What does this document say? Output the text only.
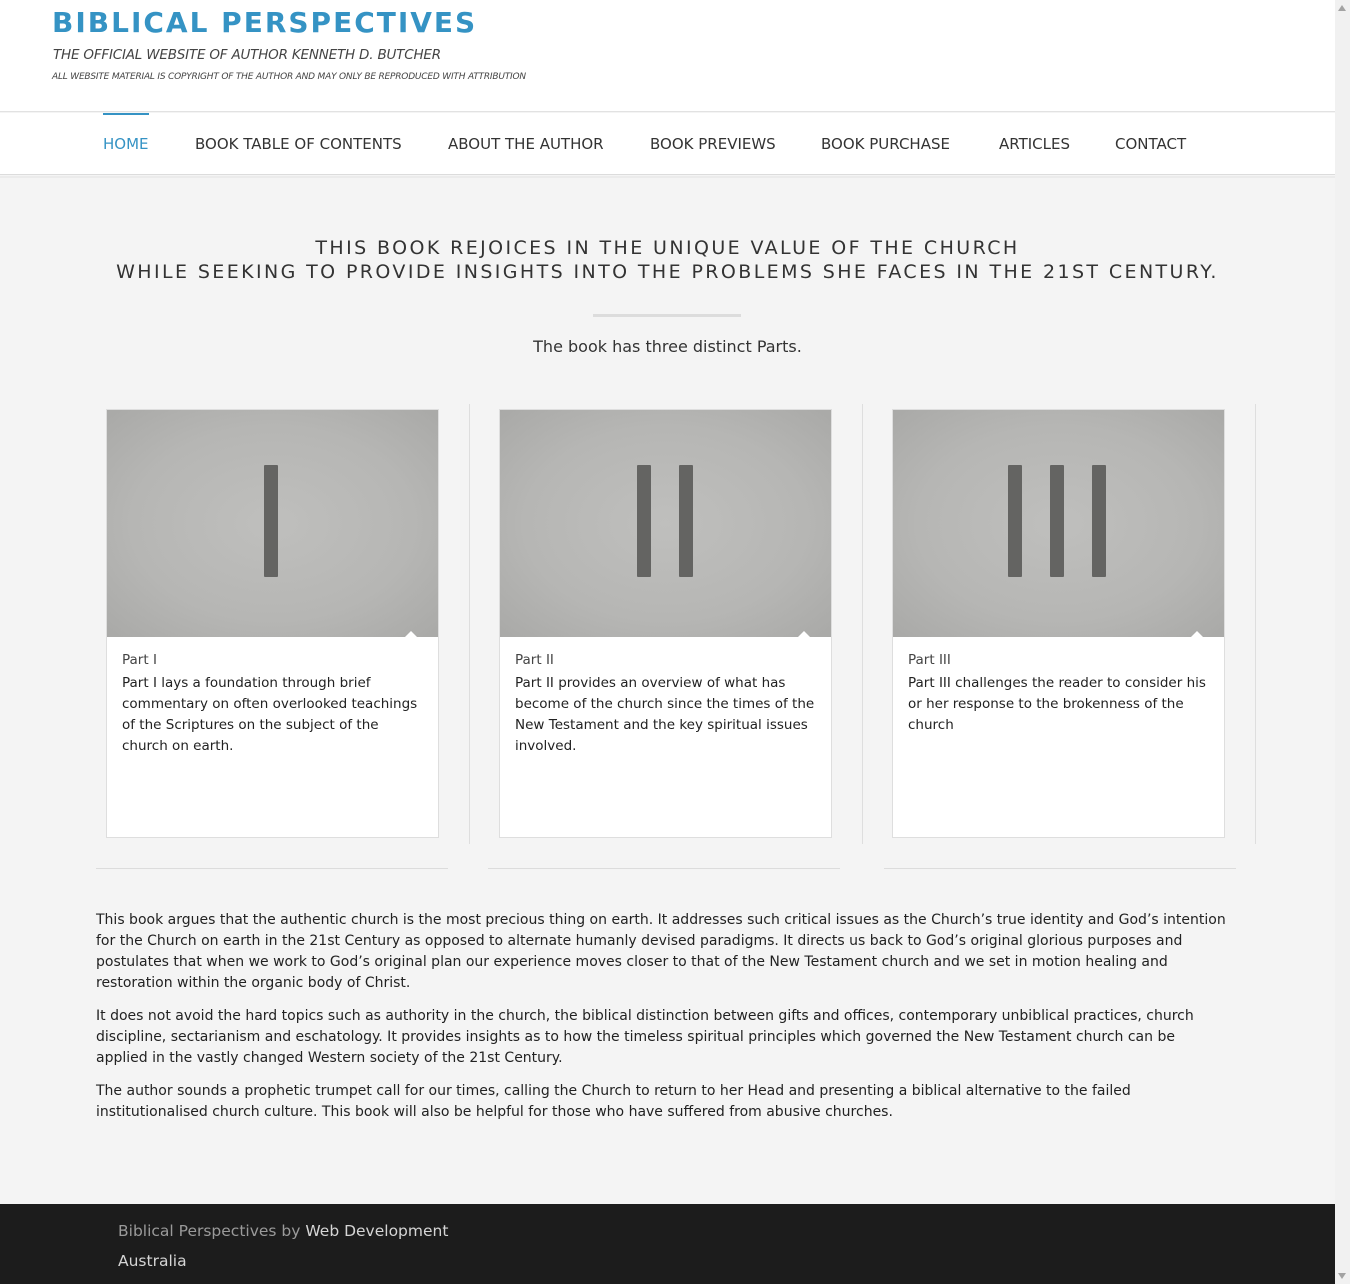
BIBLICAL PERSPECTIVES
THE OFFICIAL WEBSITE OF AUTHOR KENNETH D. BUTCHER
ALL WEBSITE MATERIAL IS COPYRIGHT OF THE AUTHOR AND MAY ONLY BE REPRODUCED WITH ATTRIBUTION
HOME	BOOK TABLE OF CONTENTS	ABOUT THE AUTHOR	BOOK PREVIEWS	BOOK PURCHASE	ARTICLES	CONTACT
THIS BOOK REJOICES IN THE UNIQUE VALUE OF THE CHURCH
WHILE SEEKING TO PROVIDE INSIGHTS INTO THE PROBLEMS SHE FACES IN THE 21ST CENTURY.
The book has three distinct Parts.
Part I
Part I lays a foundation through brief commentary on often overlooked teachings of the Scriptures on the subject of the church on earth.
Part II
Part II provides an overview of what has become of the church since the times of the New Testament and the key spiritual issues involved.
Part III
Part III challenges the reader to consider his or her response to the brokenness of the church
This book argues that the authentic church is the most precious thing on earth. It addresses such critical issues as the Church’s true identity and God’s intention for the Church on earth in the 21st Century as opposed to alternate humanly devised paradigms. It directs us back to God’s original glorious purposes and postulates that when we work to God’s original plan our experience moves closer to that of the New Testament church and we set in motion healing and restoration within the organic body of Christ.
It does not avoid the hard topics such as authority in the church, the biblical distinction between gifts and offices, contemporary unbiblical practices, church discipline, sectarianism and eschatology. It provides insights as to how the timeless spiritual principles which governed the New Testament church can be applied in the vastly changed Western society of the 21st Century.
The author sounds a prophetic trumpet call for our times, calling the Church to return to her Head and presenting a biblical alternative to the failed institutionalised church culture. This book will also be helpful for those who have suffered from abusive churches.
Biblical Perspectives by Web Development Australia
